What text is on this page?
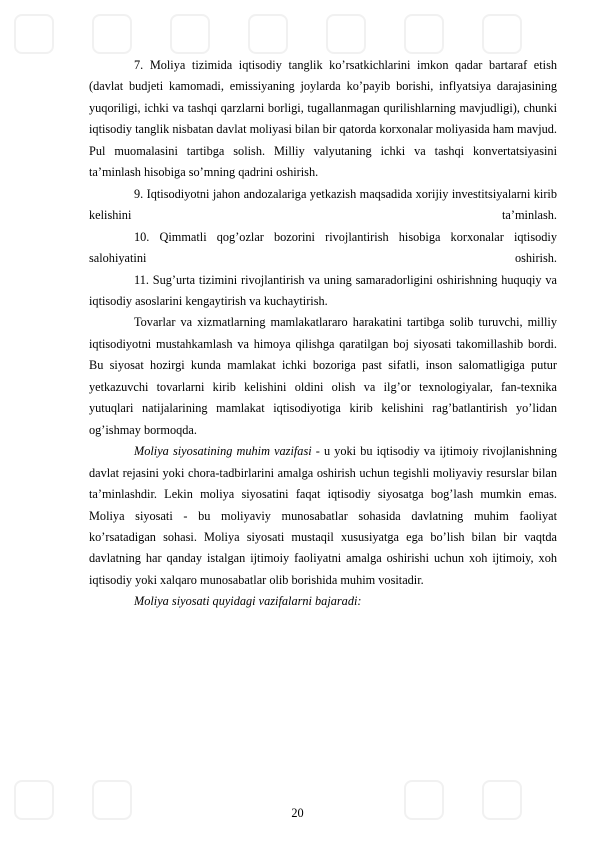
7. Moliya tizimida iqtisodiy tanglik ko’rsatkichlarini imkon qadar bartaraf etish (davlat budjeti kamomadi, emissiyaning joylarda ko’payib borishi, inflyatsiya darajasining yuqoriligi, ichki va tashqi qarzlarni borligi, tugallanmagan qurilishlarning mavjudligi), chunki iqtisodiy tanglik nisbatan davlat moliyasi bilan bir qatorda korxonalar moliyasida ham mavjud. Pul muomalasini tartibga solish. Milliy valyutaning ichki va tashqi konvertatsiyasini ta’minlash hisobiga so’mning qadrini oshirish.

9. Iqtisodiyotni jahon andozalariga yetkazish maqsadida xorijiy investitsiyalarni kirib kelishini ta’minlash.

10. Qimmatli qog’ozlar bozorini rivojlantirish hisobiga korxonalar iqtisodiy salohiyatini oshirish.

11. Sug’urta tizimini rivojlantirish va uning samaradorligini oshirishning huquqiy va iqtisodiy asoslarini kengaytirish va kuchaytirish.

Tovarlar va xizmatlarning mamlakatlararo harakatini tartibga solib turuvchi, milliy iqtisodiyotni mustahkamlash va himoya qilishga qaratilgan boj siyosati takomillashib bordi. Bu siyosat hozirgi kunda mamlakat ichki bozoriga past sifatli, inson salomatligiga putur yetkazuvchi tovarlarni kirib kelishini oldini olish va ilg’or texnologiyalar, fan-texnika yutuqlari natijalarining mamlakat iqtisodiyotiga kirib kelishini rag’batlantirish yo’lidan og’ishmay bormoqda.

Moliya siyosatining muhim vazifasi - u yoki bu iqtisodiy va ijtimoiy rivojlanishning davlat rejasini yoki chora-tadbirlarini amalga oshirish uchun tegishli moliyaviy resurslar bilan ta’minlashdir. Lekin moliya siyosatini faqat iqtisodiy siyosatga bog’lash mumkin emas. Moliya siyosati - bu moliyaviy munosabatlar sohasida davlatning muhim faoliyat ko’rsatadigan sohasi. Moliya siyosati mustaqil xususiyatga ega bo’lish bilan bir vaqtda davlatning har qanday istalgan ijtimoiy faoliyatni amalga oshirishi uchun xoh ijtimoiy, xoh iqtisodiy yoki xalqaro munosabatlar olib borishida muhim vositadir.

Moliya siyosati quyidagi vazifalarni bajaradi:

20
